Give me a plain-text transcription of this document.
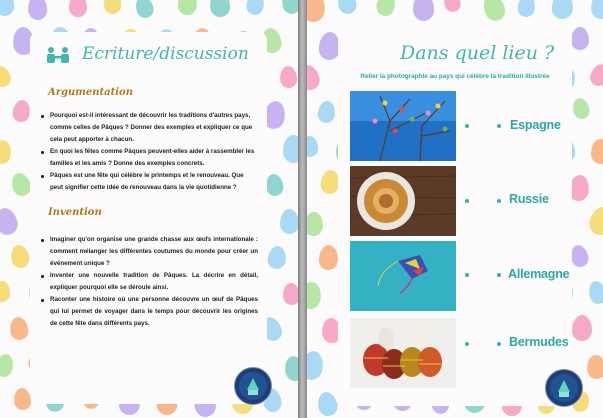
Ecriture/discussion
Argumentation
Pourquoi est-il intéressant de découvrir les traditions d'autres pays, comme celles de Pâques ? Donner des exemples et expliquer ce que cela peut apporter à chacun.
En quoi les fêtes comme Pâques peuvent-elles aider à rassembler les familles et les amis ? Donne des exemples concrets.
Pâques est une fête qui célèbre le printemps et le renouveau. Que peut signifier cette idée de renouveau dans la vie quotidienne ?
Invention
Imaginer qu'on organise une grande chasse aux œufs internationale : comment mélanger les différentes coutumes du monde pour créer un événement unique ?
Inventer une nouvelle tradition de Pâques. La décrire en détail, expliquer pourquoi elle se déroule ainsi.
Raconter une histoire où une personne découvre un œuf de Pâques qui lui permet de voyager dans le temps pour découvrir les origines de cette fête dans différents pays.
Dans quel lieu ?
Relier la photographie au pays qui célèbre la tradition illustrée
Espagne
Russie
Allemagne
Bermudes
